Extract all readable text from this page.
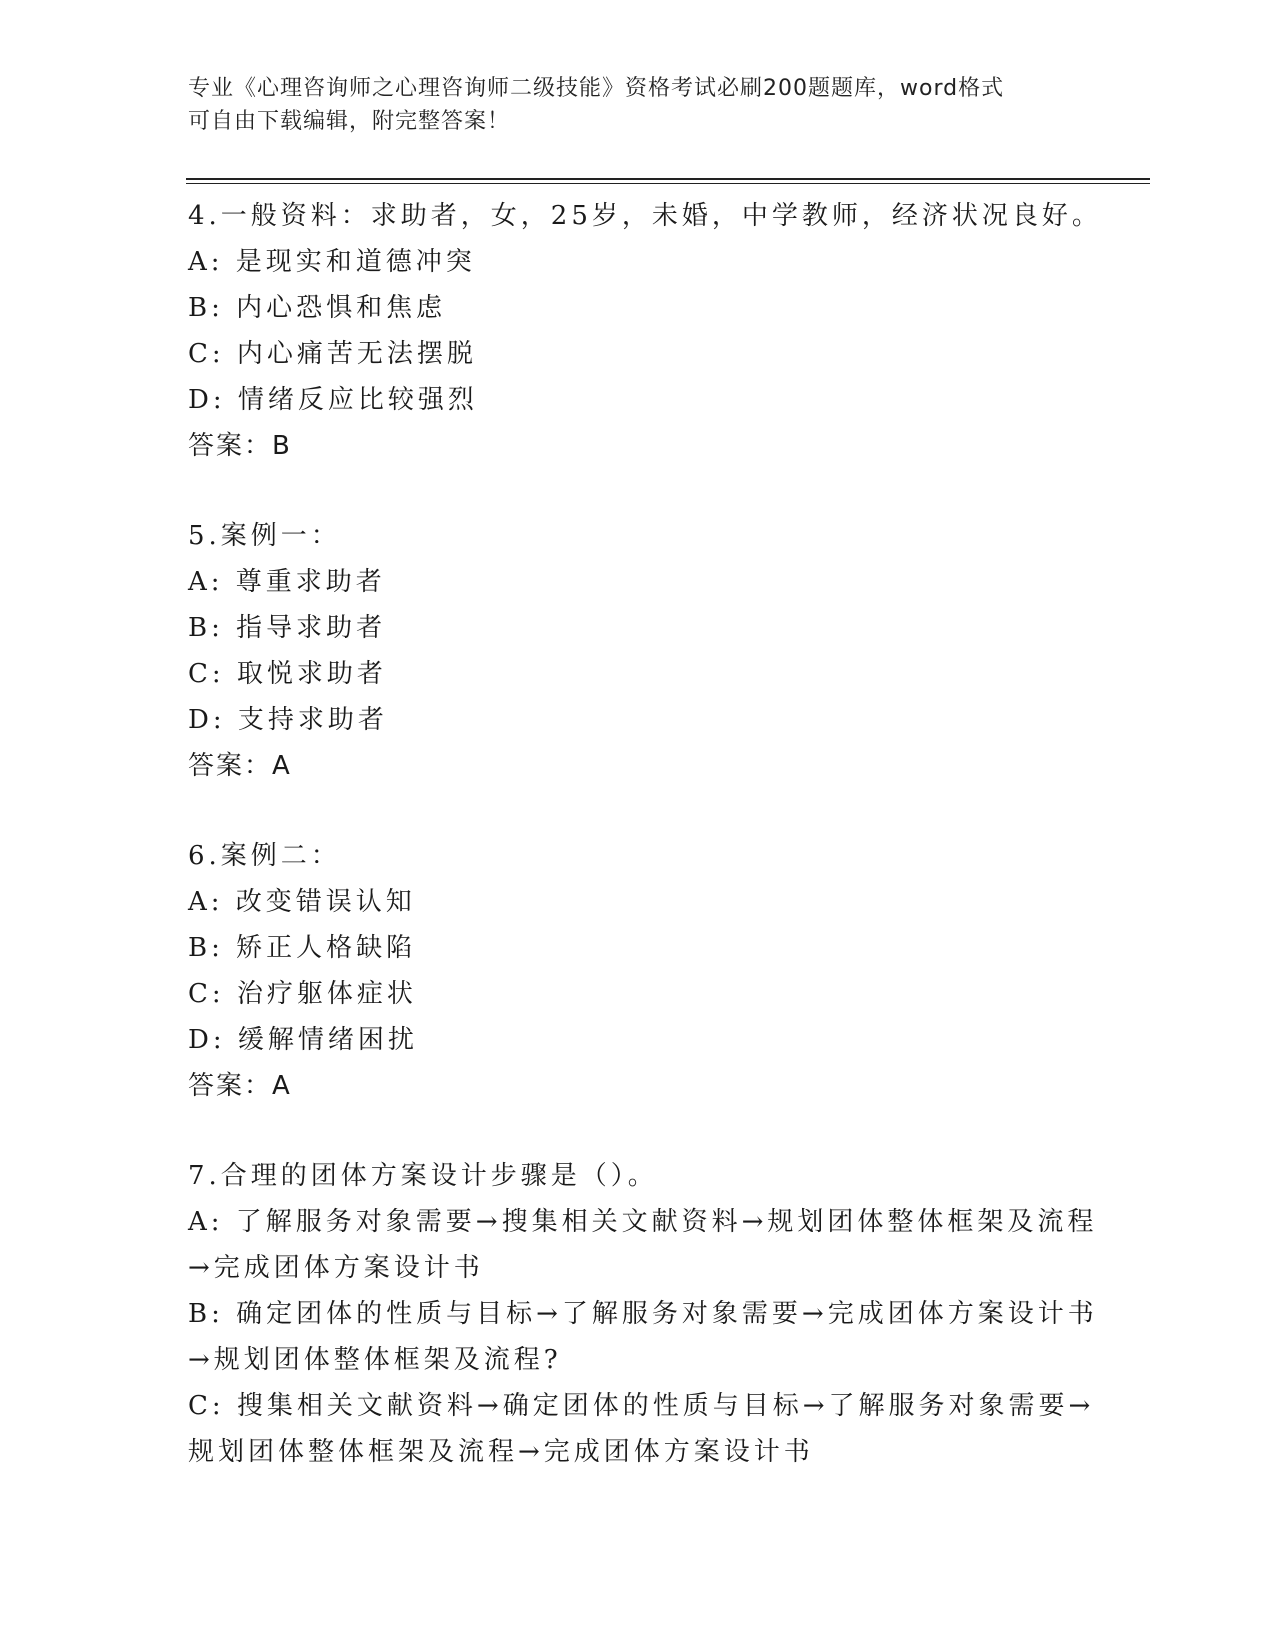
专业《心理咨询师之心理咨询师二级技能》资格考试必刷200题题库，word格式
可自由下载编辑，附完整答案！
4.一般资料：求助者，女，25岁，未婚，中学教师，经济状况良好。
A: 是现实和道德冲突
B: 内心恐惧和焦虑
C: 内心痛苦无法摆脱
D: 情绪反应比较强烈
答案：B
5.案例一：
A: 尊重求助者
B: 指导求助者
C: 取悦求助者
D: 支持求助者
答案：A
6.案例二：
A: 改变错误认知
B: 矫正人格缺陷
C: 治疗躯体症状
D: 缓解情绪困扰
答案：A
7.合理的团体方案设计步骤是（）。
A: 了解服务对象需要→搜集相关文献资料→规划团体整体框架及流程
→完成团体方案设计书
B: 确定团体的性质与目标→了解服务对象需要→完成团体方案设计书
→规划团体整体框架及流程?
C: 搜集相关文献资料→确定团体的性质与目标→了解服务对象需要→
规划团体整体框架及流程→完成团体方案设计书
